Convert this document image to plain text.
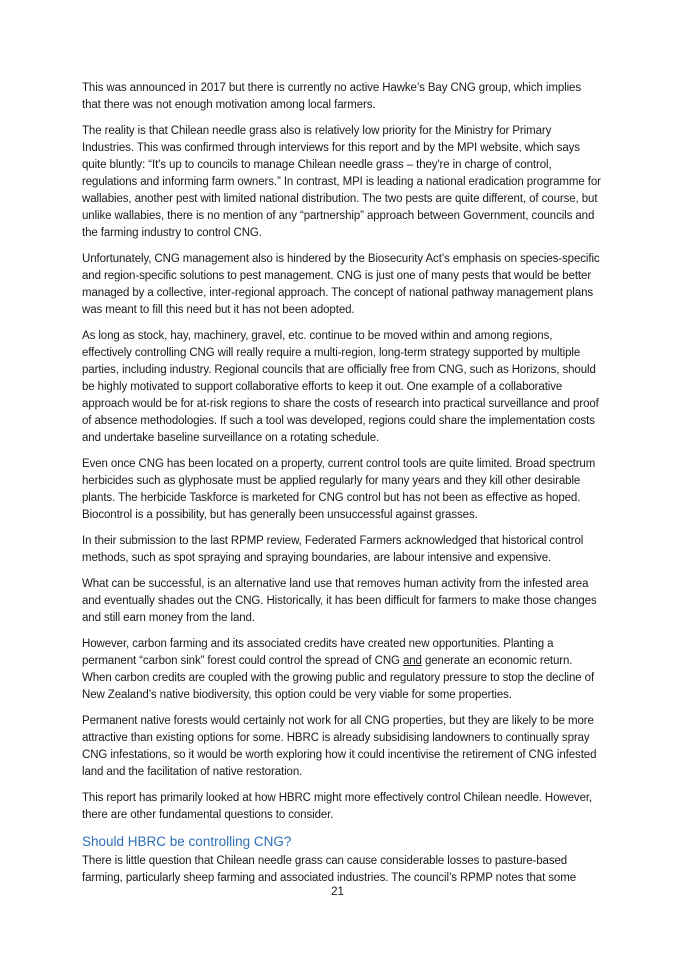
This was announced in 2017 but there is currently no active Hawke’s Bay CNG group, which implies that there was not enough motivation among local farmers.

The reality is that Chilean needle grass also is relatively low priority for the Ministry for Primary Industries. This was confirmed through interviews for this report and by the MPI website, which says quite bluntly: “It's up to councils to manage Chilean needle grass – they're in charge of control, regulations and informing farm owners.” In contrast, MPI is leading a national eradication programme for wallabies, another pest with limited national distribution. The two pests are quite different, of course, but unlike wallabies, there is no mention of any “partnership” approach between Government, councils and the farming industry to control CNG.

Unfortunately, CNG management also is hindered by the Biosecurity Act’s emphasis on species-specific and region-specific solutions to pest management. CNG is just one of many pests that would be better managed by a collective, inter-regional approach. The concept of national pathway management plans was meant to fill this need but it has not been adopted.

As long as stock, hay, machinery, gravel, etc. continue to be moved within and among regions, effectively controlling CNG will really require a multi-region, long-term strategy supported by multiple parties, including industry. Regional councils that are officially free from CNG, such as Horizons, should be highly motivated to support collaborative efforts to keep it out. One example of a collaborative approach would be for at-risk regions to share the costs of research into practical surveillance and proof of absence methodologies. If such a tool was developed, regions could share the implementation costs and undertake baseline surveillance on a rotating schedule.

Even once CNG has been located on a property, current control tools are quite limited. Broad spectrum herbicides such as glyphosate must be applied regularly for many years and they kill other desirable plants. The herbicide Taskforce is marketed for CNG control but has not been as effective as hoped. Biocontrol is a possibility, but has generally been unsuccessful against grasses.

In their submission to the last RPMP review, Federated Farmers acknowledged that historical control methods, such as spot spraying and spraying boundaries, are labour intensive and expensive.

What can be successful, is an alternative land use that removes human activity from the infested area and eventually shades out the CNG. Historically, it has been difficult for farmers to make those changes and still earn money from the land.

However, carbon farming and its associated credits have created new opportunities. Planting a permanent “carbon sink” forest could control the spread of CNG and generate an economic return. When carbon credits are coupled with the growing public and regulatory pressure to stop the decline of New Zealand’s native biodiversity, this option could be very viable for some properties.

Permanent native forests would certainly not work for all CNG properties, but they are likely to be more attractive than existing options for some. HBRC is already subsidising landowners to continually spray CNG infestations, so it would be worth exploring how it could incentivise the retirement of CNG infested land and the facilitation of native restoration.

This report has primarily looked at how HBRC might more effectively control Chilean needle. However, there are other fundamental questions to consider.

Should HBRC be controlling CNG?

There is little question that Chilean needle grass can cause considerable losses to pasture-based farming, particularly sheep farming and associated industries. The council’s RPMP notes that some

21
